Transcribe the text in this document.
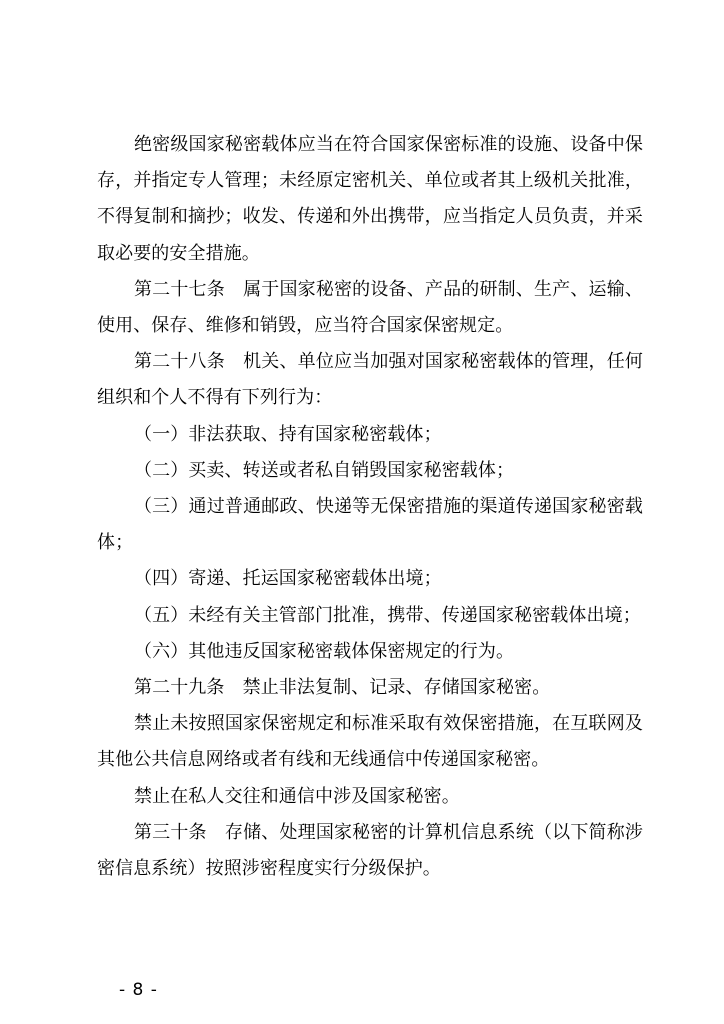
绝密级国家秘密载体应当在符合国家保密标准的设施、设备中保存，并指定专人管理；未经原定密机关、单位或者其上级机关批准，不得复制和摘抄；收发、传递和外出携带，应当指定人员负责，并采取必要的安全措施。

第二十七条　属于国家秘密的设备、产品的研制、生产、运输、使用、保存、维修和销毁，应当符合国家保密规定。

第二十八条　机关、单位应当加强对国家秘密载体的管理，任何组织和个人不得有下列行为：

（一）非法获取、持有国家秘密载体；

（二）买卖、转送或者私自销毁国家秘密载体；

（三）通过普通邮政、快递等无保密措施的渠道传递国家秘密载体；

（四）寄递、托运国家秘密载体出境；

（五）未经有关主管部门批准，携带、传递国家秘密载体出境；

（六）其他违反国家秘密载体保密规定的行为。

第二十九条　禁止非法复制、记录、存储国家秘密。

禁止未按照国家保密规定和标准采取有效保密措施，在互联网及其他公共信息网络或者有线和无线通信中传递国家秘密。

禁止在私人交往和通信中涉及国家秘密。

第三十条　存储、处理国家秘密的计算机信息系统（以下简称涉密信息系统）按照涉密程度实行分级保护。

- 8 -
